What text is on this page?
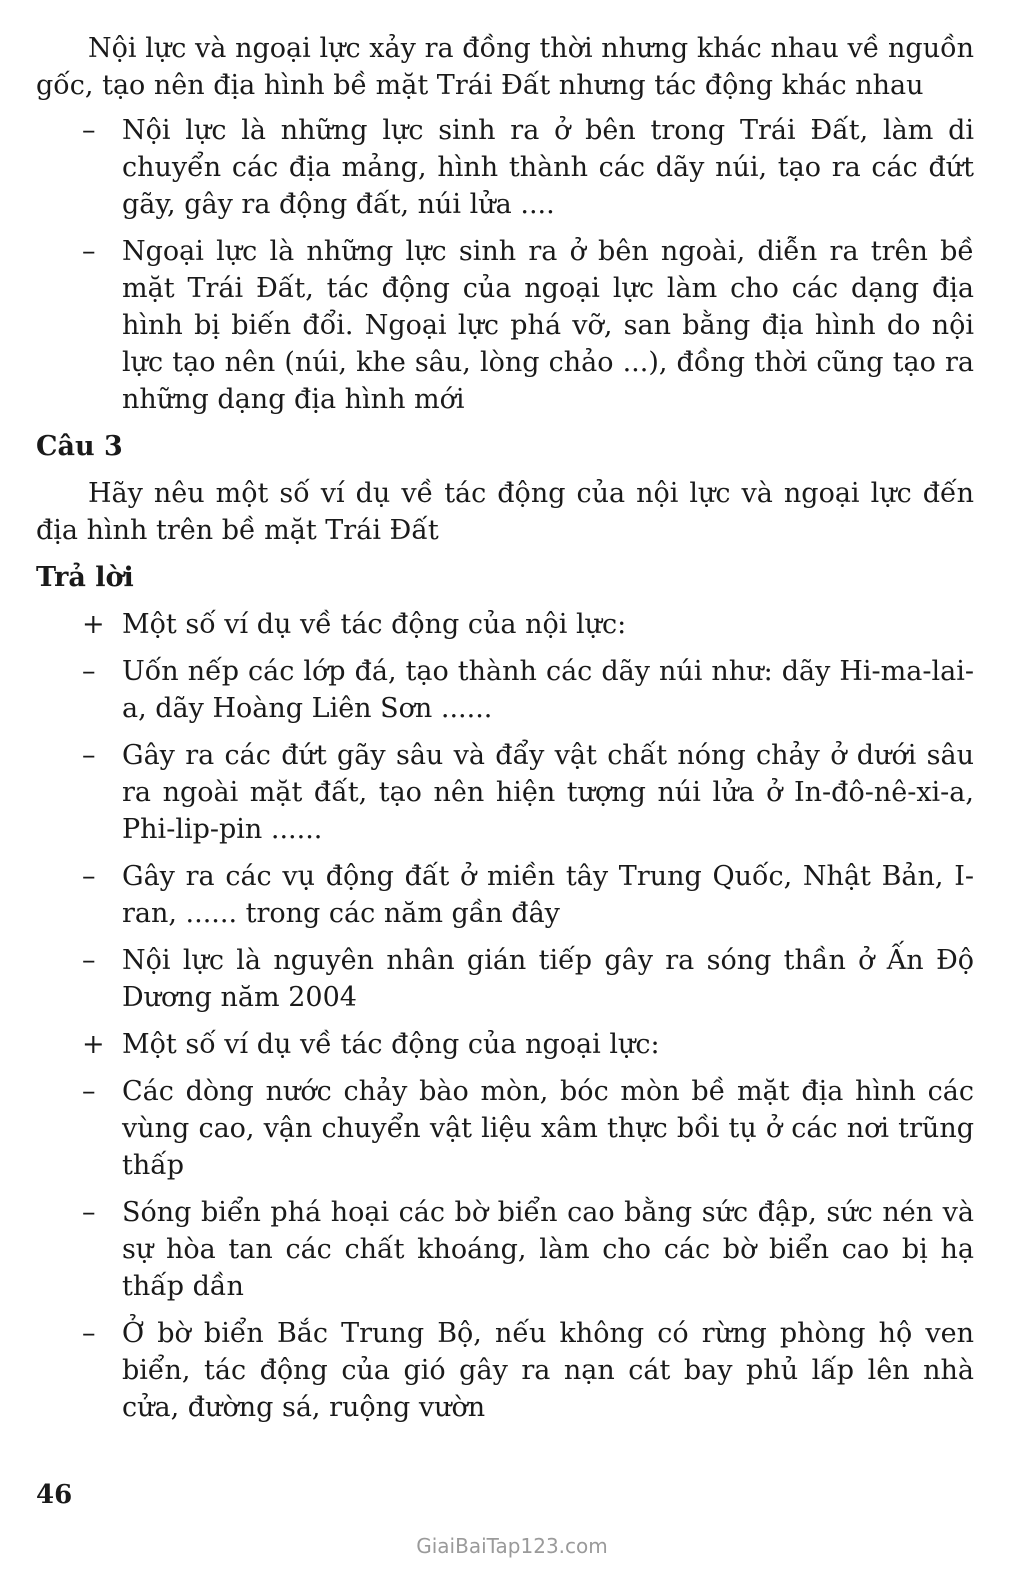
Nội lực và ngoại lực xảy ra đồng thời nhưng khác nhau về nguồn gốc, tạo nên địa hình bề mặt Trái Đất nhưng tác động khác nhau

– Nội lực là những lực sinh ra ở bên trong Trái Đất, làm di chuyển các địa mảng, hình thành các dãy núi, tạo ra các đứt gãy, gây ra động đất, núi lửa ....
– Ngoại lực là những lực sinh ra ở bên ngoài, diễn ra trên bề mặt Trái Đất, tác động của ngoại lực làm cho các dạng địa hình bị biến đổi. Ngoại lực phá vỡ, san bằng địa hình do nội lực tạo nên (núi, khe sâu, lòng chảo ...), đồng thời cũng tạo ra những dạng địa hình mới
Câu 3

Hãy nêu một số ví dụ về tác động của nội lực và ngoại lực đến địa hình trên bề mặt Trái Đất

Trả lời
+ Một số ví dụ về tác động của nội lực:
– Uốn nếp các lớp đá, tạo thành các dãy núi như: dãy Hi-ma-lai-a, dãy Hoàng Liên Sơn ......
– Gây ra các đứt gãy sâu và đẩy vật chất nóng chảy ở dưới sâu ra ngoài mặt đất, tạo nên hiện tượng núi lửa ở In-đô-nê-xi-a, Phi-lip-pin ......
– Gây ra các vụ động đất ở miền tây Trung Quốc, Nhật Bản, I-ran, ...... trong các năm gần đây
– Nội lực là nguyên nhân gián tiếp gây ra sóng thần ở Ấn Độ Dương năm 2004
+ Một số ví dụ về tác động của ngoại lực:
– Các dòng nước chảy bào mòn, bóc mòn bề mặt địa hình các vùng cao, vận chuyển vật liệu xâm thực bồi tụ ở các nơi trũng thấp
– Sóng biển phá hoại các bờ biển cao bằng sức đập, sức nén và sự hòa tan các chất khoáng, làm cho các bờ biển cao bị hạ thấp dần
– Ở bờ biển Bắc Trung Bộ, nếu không có rừng phòng hộ ven biển, tác động của gió gây ra nạn cát bay phủ lấp lên nhà cửa, đường sá, ruộng vườn
46
GiaiBaiTap123.com
